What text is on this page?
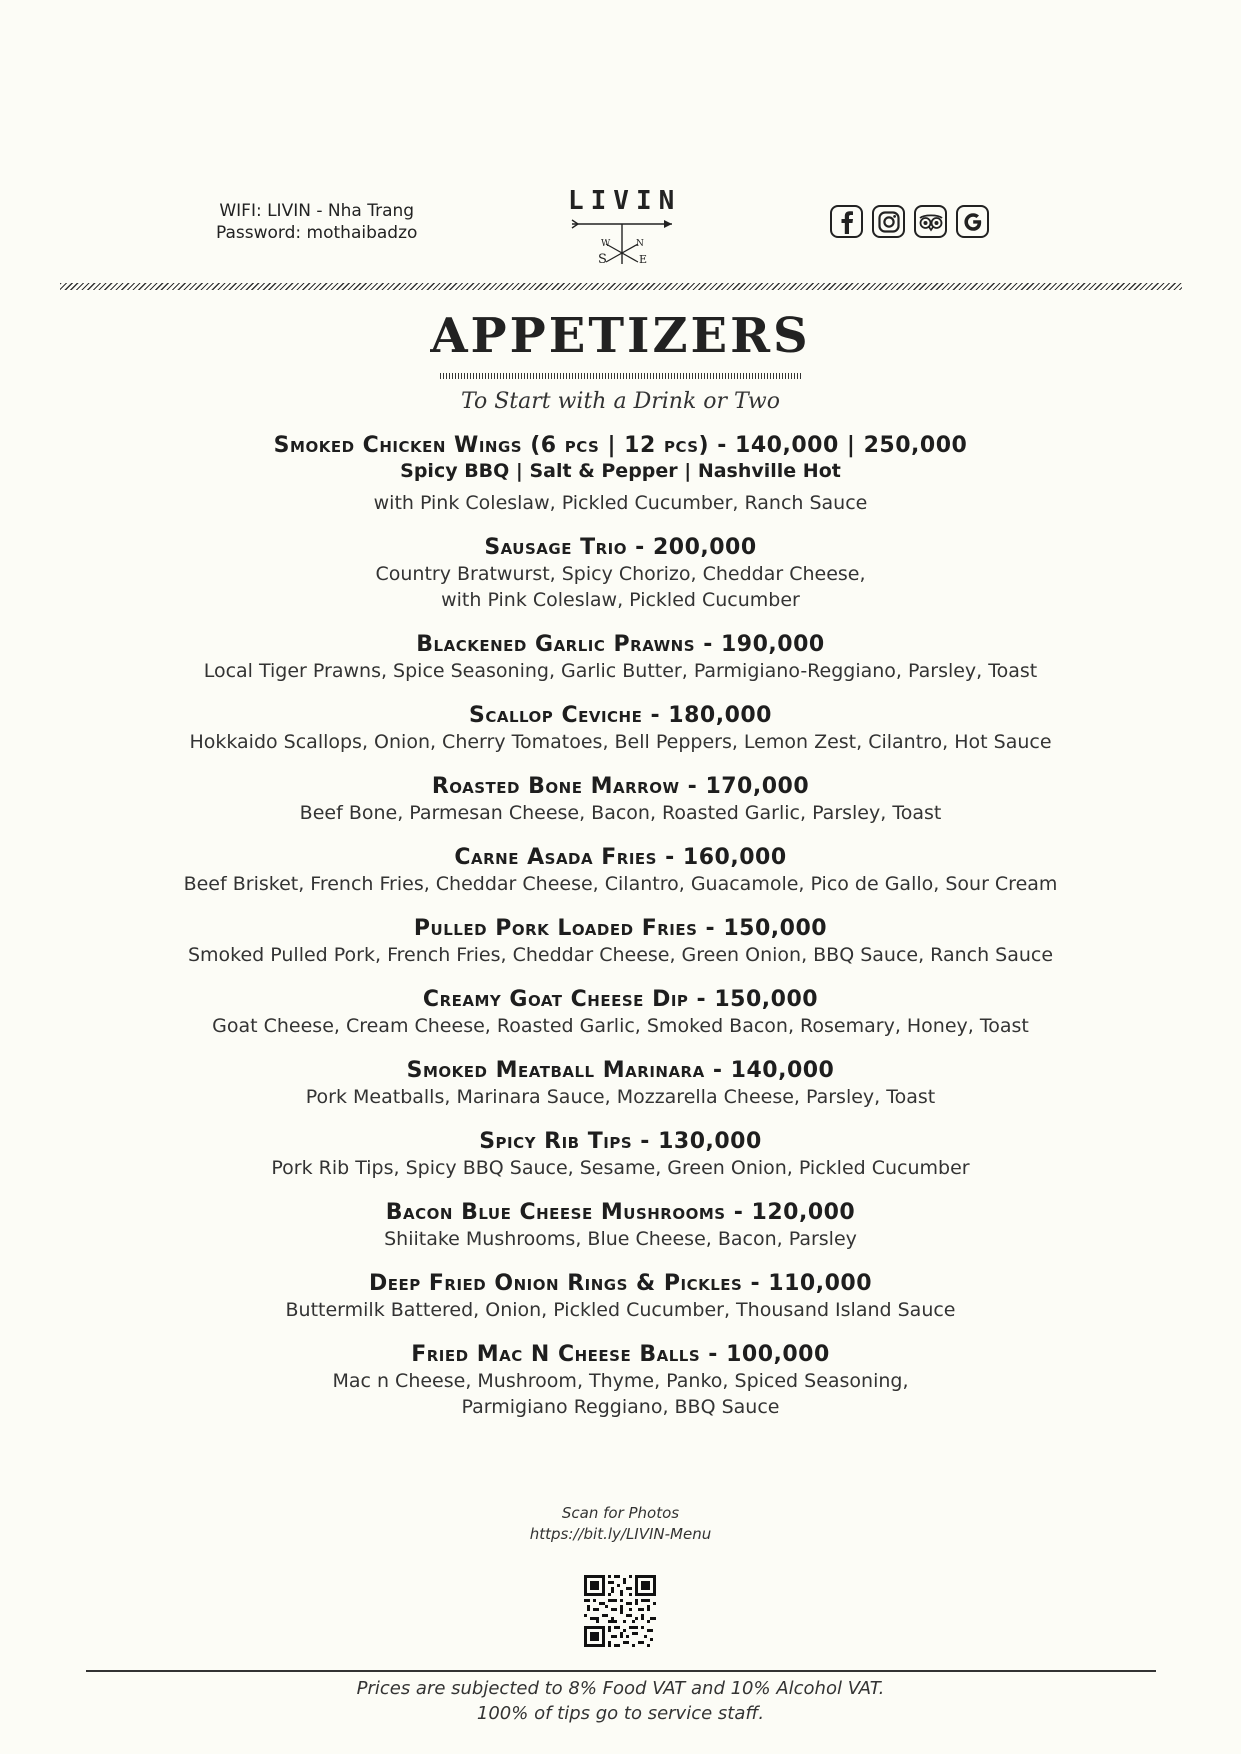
WIFI: LIVIN - Nha Trang
Password: mothaibadzo
LIVIN
W	N
S	E
APPETIZERS
To Start with a Drink or Two
Smoked Chicken Wings (6 pcs | 12 pcs) - 140,000 | 250,000
Spicy BBQ | Salt & Pepper | Nashville Hot
with Pink Coleslaw, Pickled Cucumber, Ranch Sauce
Sausage Trio - 200,000
Country Bratwurst, Spicy Chorizo, Cheddar Cheese,
with Pink Coleslaw, Pickled Cucumber
Blackened Garlic Prawns - 190,000
Local Tiger Prawns, Spice Seasoning, Garlic Butter, Parmigiano-Reggiano, Parsley, Toast
Scallop Ceviche - 180,000
Hokkaido Scallops, Onion, Cherry Tomatoes, Bell Peppers, Lemon Zest, Cilantro, Hot Sauce
Roasted Bone Marrow - 170,000
Beef Bone, Parmesan Cheese, Bacon, Roasted Garlic, Parsley, Toast
Carne Asada Fries - 160,000
Beef Brisket, French Fries, Cheddar Cheese, Cilantro, Guacamole, Pico de Gallo, Sour Cream
Pulled Pork Loaded Fries - 150,000
Smoked Pulled Pork, French Fries, Cheddar Cheese, Green Onion, BBQ Sauce, Ranch Sauce
Creamy Goat Cheese Dip - 150,000
Goat Cheese, Cream Cheese, Roasted Garlic, Smoked Bacon, Rosemary, Honey, Toast
Smoked Meatball Marinara - 140,000
Pork Meatballs, Marinara Sauce, Mozzarella Cheese, Parsley, Toast
Spicy Rib Tips - 130,000
Pork Rib Tips, Spicy BBQ Sauce, Sesame, Green Onion, Pickled Cucumber
Bacon Blue Cheese Mushrooms - 120,000
Shiitake Mushrooms, Blue Cheese, Bacon, Parsley
Deep Fried Onion Rings & Pickles - 110,000
Buttermilk Battered, Onion, Pickled Cucumber, Thousand Island Sauce
Fried Mac N Cheese Balls - 100,000
Mac n Cheese, Mushroom, Thyme, Panko, Spiced Seasoning,
Parmigiano Reggiano, BBQ Sauce
Scan for Photos
https://bit.ly/LIVIN-Menu
Prices are subjected to 8% Food VAT and 10% Alcohol VAT.
100% of tips go to service staff.
